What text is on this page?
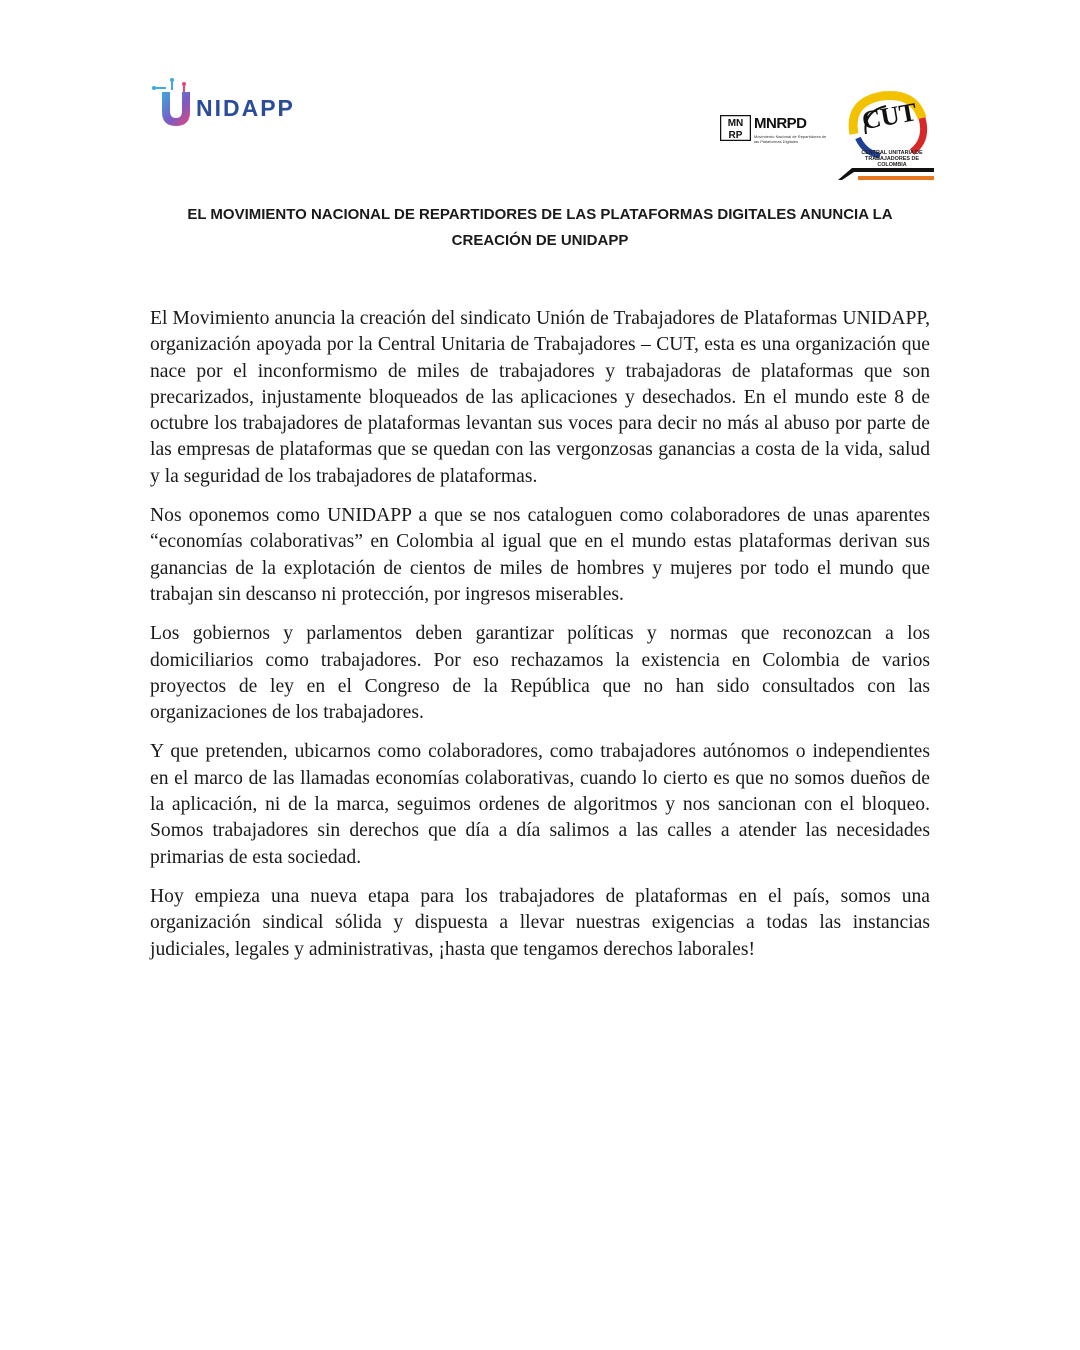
NIDAPP
MN
RP
MNRPD
Movimiento Nacional de Repartidores de las Plataformas Digitales
CUT
CENTRAL UNITARIA DE TRABAJADORES DE COLOMBIA
EL MOVIMIENTO NACIONAL DE REPARTIDORES DE LAS PLATAFORMAS DIGITALES ANUNCIA LA
CREACIÓN DE UNIDAPP

El Movimiento anuncia la creación del sindicato Unión de Trabajadores de Plataformas UNIDAPP, organización apoyada por la Central Unitaria de Trabajadores – CUT, esta es una organización que nace por el inconformismo de miles de trabajadores y trabajadoras de plataformas que son precarizados, injustamente bloqueados de las aplicaciones y desechados. En el mundo este 8 de octubre los trabajadores de plataformas levantan sus voces para decir no más al abuso por parte de las empresas de plataformas que se quedan con las vergonzosas ganancias a costa de la vida, salud y la seguridad de los trabajadores de plataformas.

Nos oponemos como UNIDAPP a que se nos cataloguen como colaboradores de unas aparentes “economías colaborativas” en Colombia al igual que en el mundo estas plataformas derivan sus ganancias de la explotación de cientos de miles de hombres y mujeres por todo el mundo que trabajan sin descanso ni protección, por ingresos miserables.

Los gobiernos y parlamentos deben garantizar políticas y normas que reconozcan a los domiciliarios como trabajadores. Por eso rechazamos la existencia en Colombia de varios proyectos de ley en el Congreso de la República que no han sido consultados con las organizaciones de los trabajadores.

Y que pretenden, ubicarnos como colaboradores, como trabajadores autónomos o independientes en el marco de las llamadas economías colaborativas, cuando lo cierto es que no somos dueños de la aplicación, ni de la marca, seguimos ordenes de algoritmos y nos sancionan con el bloqueo. Somos trabajadores sin derechos que día a día salimos a las calles a atender las necesidades primarias de esta sociedad.

Hoy empieza una nueva etapa para los trabajadores de plataformas en el país, somos una organización sindical sólida y dispuesta a llevar nuestras exigencias a todas las instancias judiciales, legales y administrativas, ¡hasta que tengamos derechos laborales!
